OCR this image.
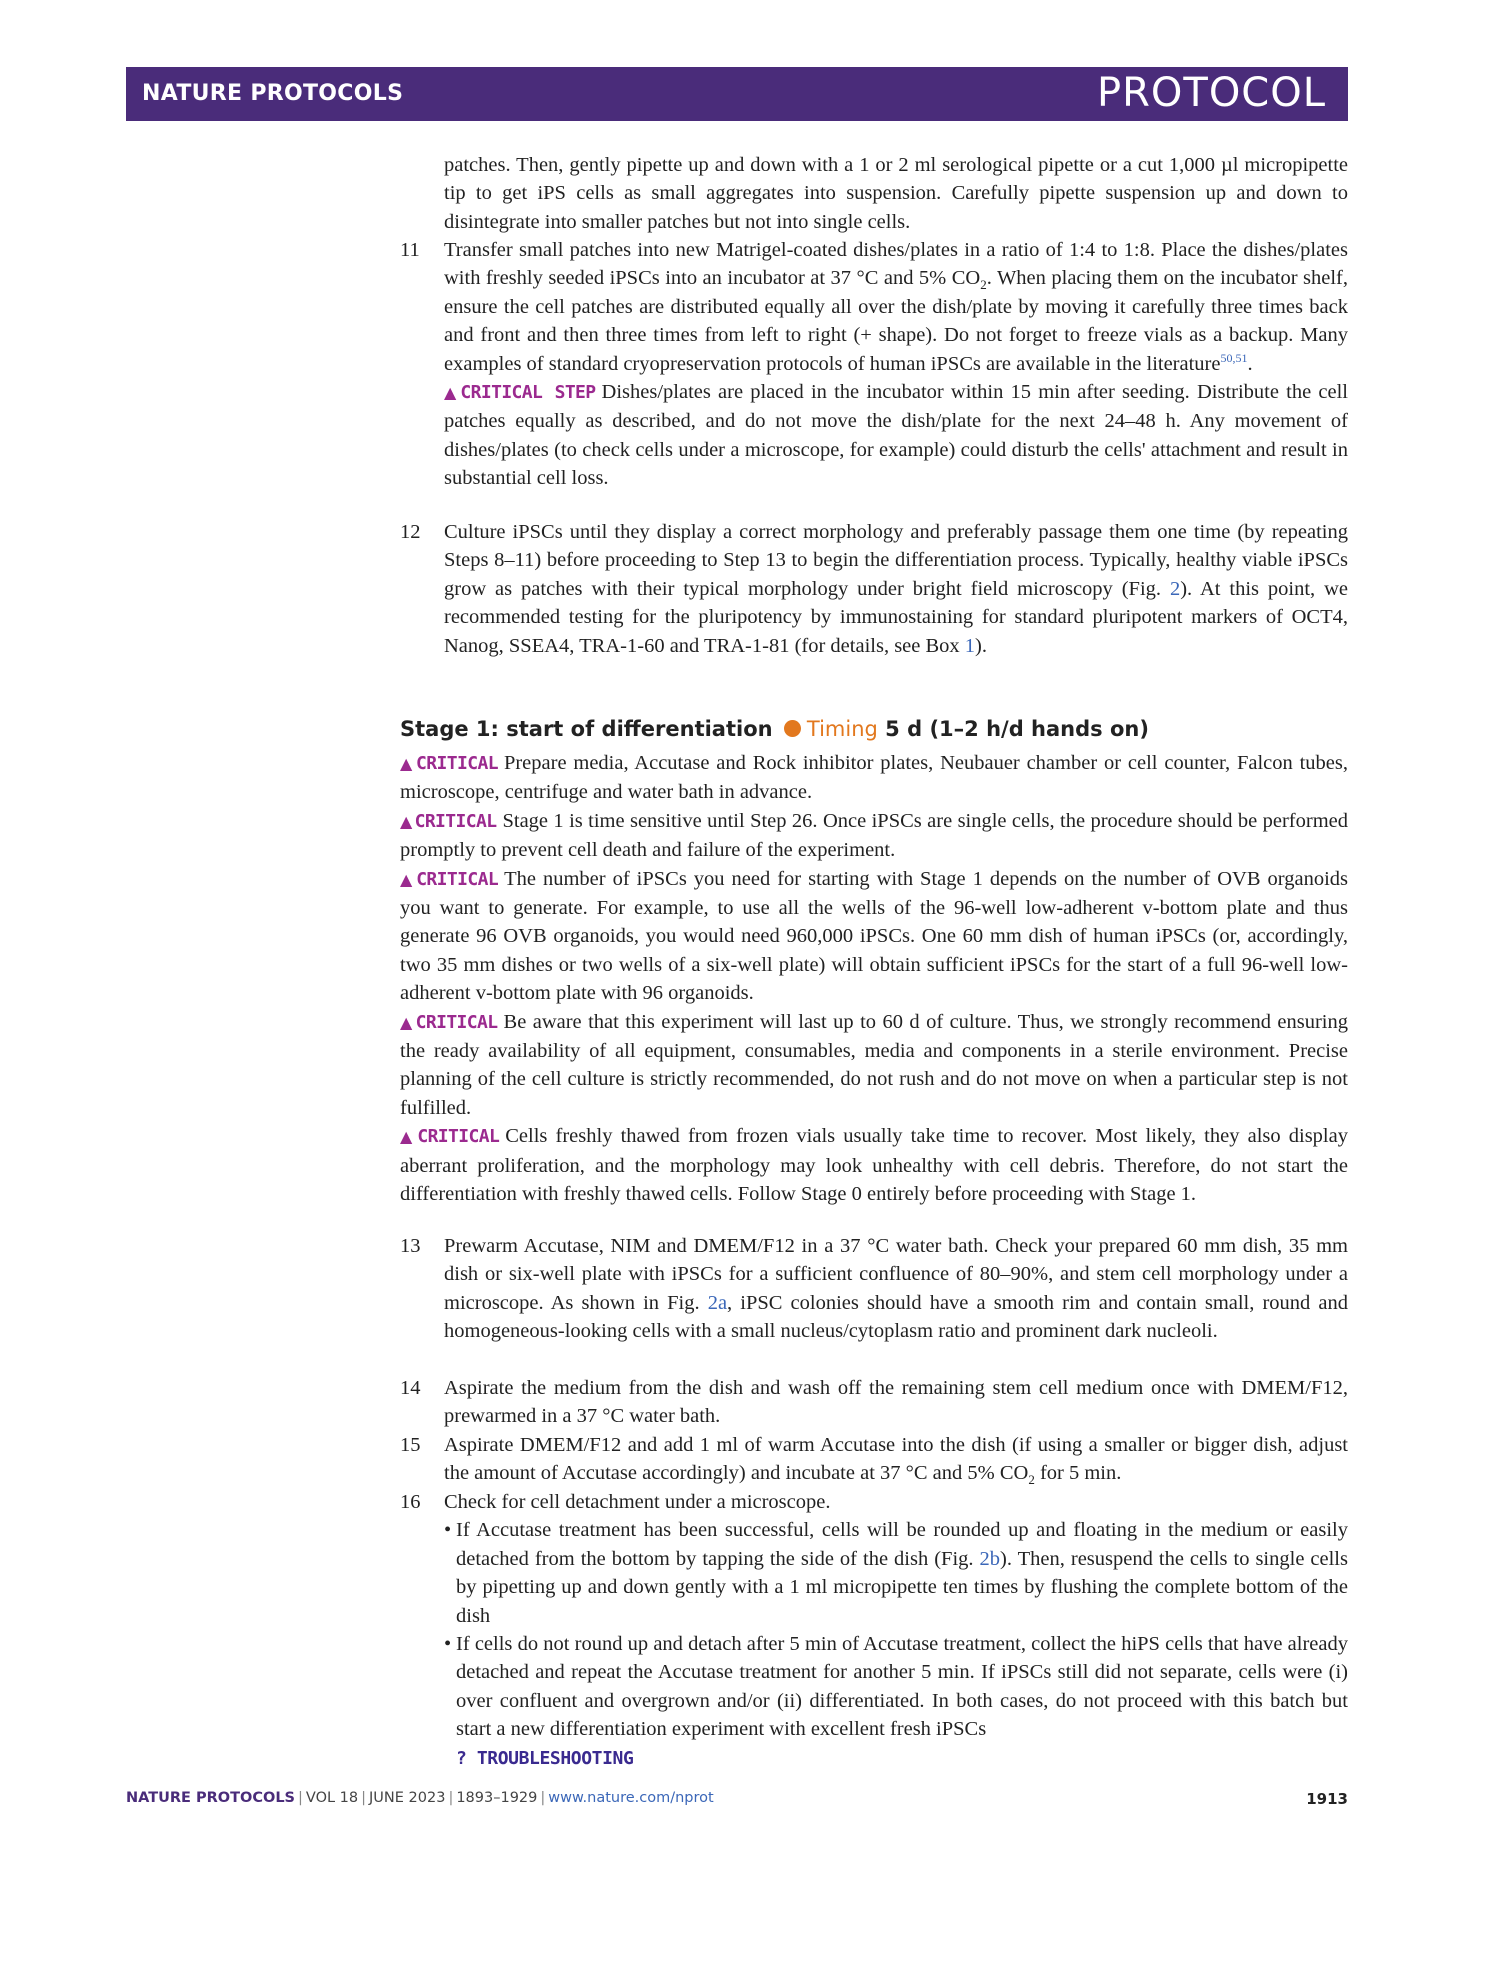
NATURE PROTOCOLS	PROTOCOL
patches. Then, gently pipette up and down with a 1 or 2 ml serological pipette or a cut 1,000 µl micropipette tip to get iPS cells as small aggregates into suspension. Carefully pipette suspension up and down to disintegrate into smaller patches but not into single cells.
11	Transfer small patches into new Matrigel-coated dishes/plates in a ratio of 1:4 to 1:8. Place the dishes/plates with freshly seeded iPSCs into an incubator at 37 °C and 5% $CO_2$. When placing them on the incubator shelf, ensure the cell patches are distributed equally all over the dish/plate by moving it carefully three times back and front and then three times from left to right (+ shape). Do not forget to freeze vials as a backup. Many examples of standard cryopreservation protocols of human iPSCs are available in the literature$^{50,51}$.
▲ CRITICAL STEP Dishes/plates are placed in the incubator within 15 min after seeding. Distribute the cell patches equally as described, and do not move the dish/plate for the next 24–48 h. Any movement of dishes/plates (to check cells under a microscope, for example) could disturb the cells' attachment and result in substantial cell loss.
12	Culture iPSCs until they display a correct morphology and preferably passage them one time (by repeating Steps 8–11) before proceeding to Step 13 to begin the differentiation process. Typically, healthy viable iPSCs grow as patches with their typical morphology under bright field microscopy (Fig. 2). At this point, we recommended testing for the pluripotency by immunostaining for standard pluripotent markers of OCT4, Nanog, SSEA4, TRA-1-60 and TRA-1-81 (for details, see Box 1).
Stage 1: start of differentiation Timing 5 d (1–2 h/d hands on)
▲ CRITICAL Prepare media, Accutase and Rock inhibitor plates, Neubauer chamber or cell counter, Falcon tubes, microscope, centrifuge and water bath in advance.
▲ CRITICAL Stage 1 is time sensitive until Step 26. Once iPSCs are single cells, the procedure should be performed promptly to prevent cell death and failure of the experiment.
▲ CRITICAL The number of iPSCs you need for starting with Stage 1 depends on the number of OVB organoids you want to generate. For example, to use all the wells of the 96-well low-adherent v-bottom plate and thus generate 96 OVB organoids, you would need 960,000 iPSCs. One 60 mm dish of human iPSCs (or, accordingly, two 35 mm dishes or two wells of a six-well plate) will obtain sufficient iPSCs for the start of a full 96-well low-adherent v-bottom plate with 96 organoids.
▲ CRITICAL Be aware that this experiment will last up to 60 d of culture. Thus, we strongly recommend ensuring the ready availability of all equipment, consumables, media and components in a sterile environment. Precise planning of the cell culture is strictly recommended, do not rush and do not move on when a particular step is not fulfilled.
▲ CRITICAL Cells freshly thawed from frozen vials usually take time to recover. Most likely, they also display aberrant proliferation, and the morphology may look unhealthy with cell debris. Therefore, do not start the differentiation with freshly thawed cells. Follow Stage 0 entirely before proceeding with Stage 1.
13	Prewarm Accutase, NIM and DMEM/F12 in a 37 °C water bath. Check your prepared 60 mm dish, 35 mm dish or six-well plate with iPSCs for a sufficient confluence of 80–90%, and stem cell morphology under a microscope. As shown in Fig. 2a, iPSC colonies should have a smooth rim and contain small, round and homogeneous-looking cells with a small nucleus/cytoplasm ratio and prominent dark nucleoli.
14	Aspirate the medium from the dish and wash off the remaining stem cell medium once with DMEM/F12, prewarmed in a 37 °C water bath.
15	Aspirate DMEM/F12 and add 1 ml of warm Accutase into the dish (if using a smaller or bigger dish, adjust the amount of Accutase accordingly) and incubate at 37 °C and 5% $CO_2$ for 5 min.
16	Check for cell detachment under a microscope.
• If Accutase treatment has been successful, cells will be rounded up and floating in the medium or easily detached from the bottom by tapping the side of the dish (Fig. 2b). Then, resuspend the cells to single cells by pipetting up and down gently with a 1 ml micropipette ten times by flushing the complete bottom of the dish
• If cells do not round up and detach after 5 min of Accutase treatment, collect the hiPS cells that have already detached and repeat the Accutase treatment for another 5 min. If iPSCs still did not separate, cells were (i) over confluent and overgrown and/or (ii) differentiated. In both cases, do not proceed with this batch but start a new differentiation experiment with excellent fresh iPSCs
? TROUBLESHOOTING
NATURE PROTOCOLS | VOL 18 | JUNE 2023 | 1893–1929 | www.nature.com/nprot	1913
